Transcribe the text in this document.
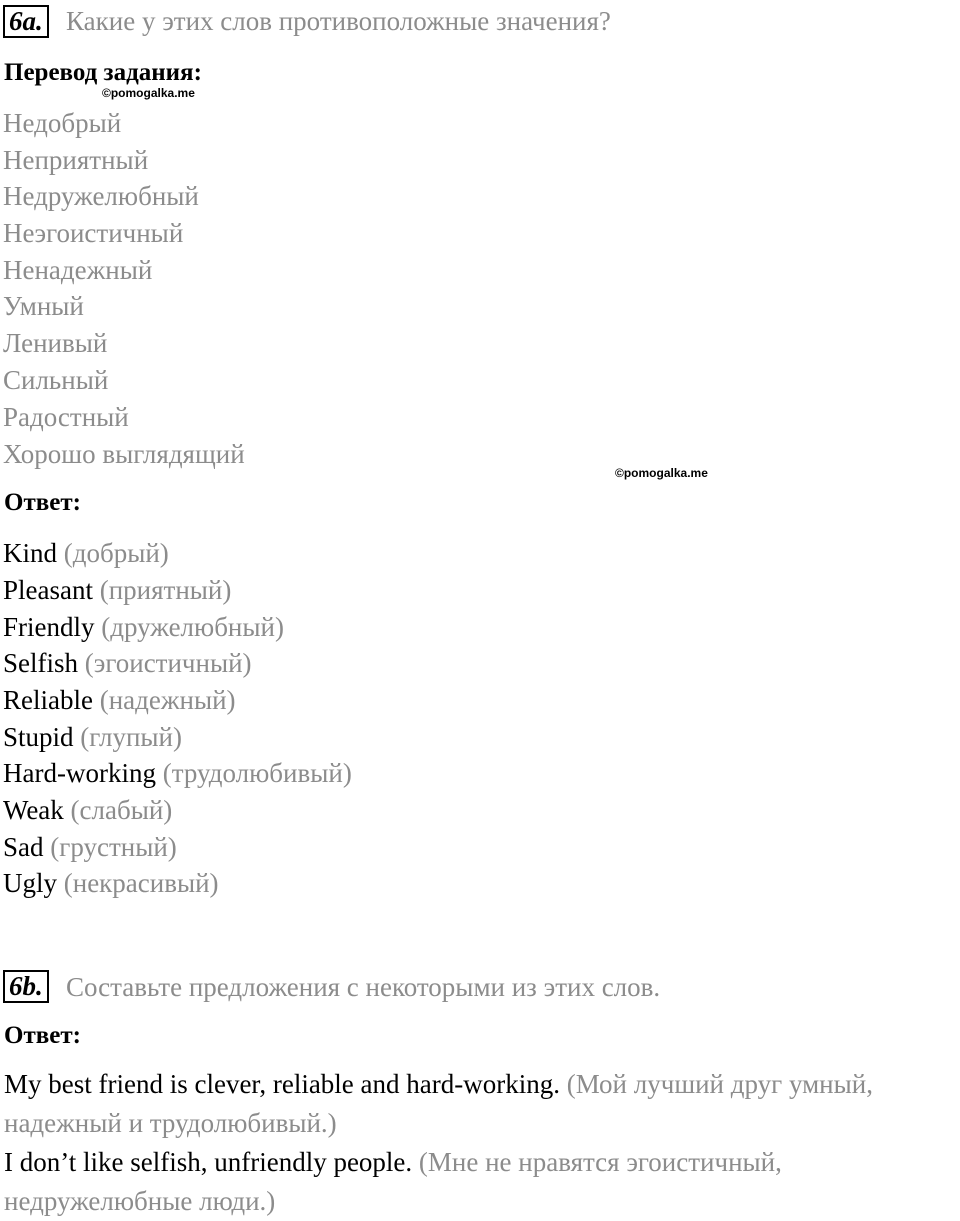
6a. Какие у этих слов противоположные значения?
Перевод задания:
©pomogalka.me
Недобрый
Неприятный
Недружелюбный
Неэгоистичный
Ненадежный
Умный
Ленивый
Сильный
Радостный
Хорошо выглядящий
©pomogalka.me
Ответ:
Kind (добрый)
Pleasant (приятный)
Friendly (дружелюбный)
Selfish (эгоистичный)
Reliable (надежный)
Stupid (глупый)
Hard-working (трудолюбивый)
Weak (слабый)
Sad (грустный)
Ugly (некрасивый)
6b. Составьте предложения с некоторыми из этих слов.
Ответ:
My best friend is clever, reliable and hard-working. (Мой лучший друг умный, надежный и трудолюбивый.)
I don’t like selfish, unfriendly people. (Мне не нравятся эгоистичный, недружелюбные люди.)
